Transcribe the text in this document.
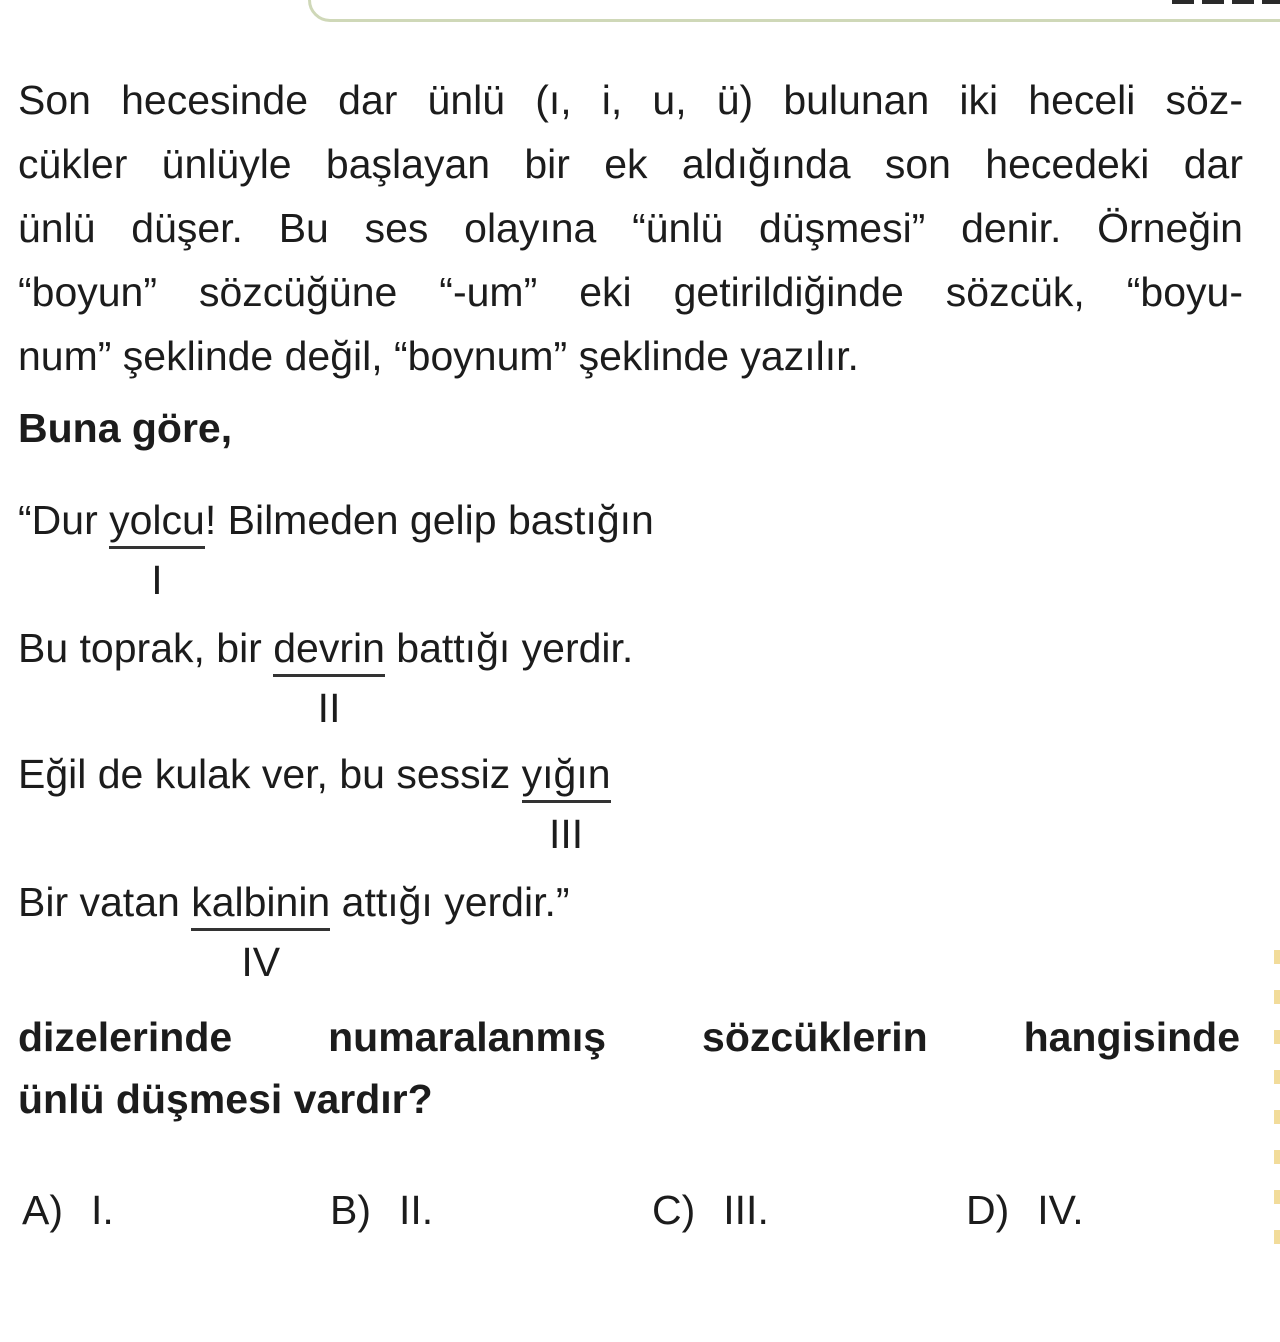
Son hecesinde dar ünlü (ı, i, u, ü) bulunan iki heceli söz-
cükler ünlüyle başlayan bir ek aldığında son hecedeki dar
ünlü düşer. Bu ses olayına “ünlü düşmesi” denir. Örneğin
“boyun” sözcüğüne “-um” eki getirildiğinde sözcük, “boyu-
num” şeklinde değil, “boynum” şeklinde yazılır.
Buna göre,
“Dur yolcu
I
! Bilmeden gelip bastığın
Bu toprak, bir devrin
II
battığı yerdir.
Eğil de kulak ver, bu sessiz yığın
III
Bir vatan kalbinin
IV
attığı yerdir.”
dizelerinde numaralanmış sözcüklerin hangisinde
ünlü düşmesi vardır?
A) I.	B) II.	C) III.	D) IV.
